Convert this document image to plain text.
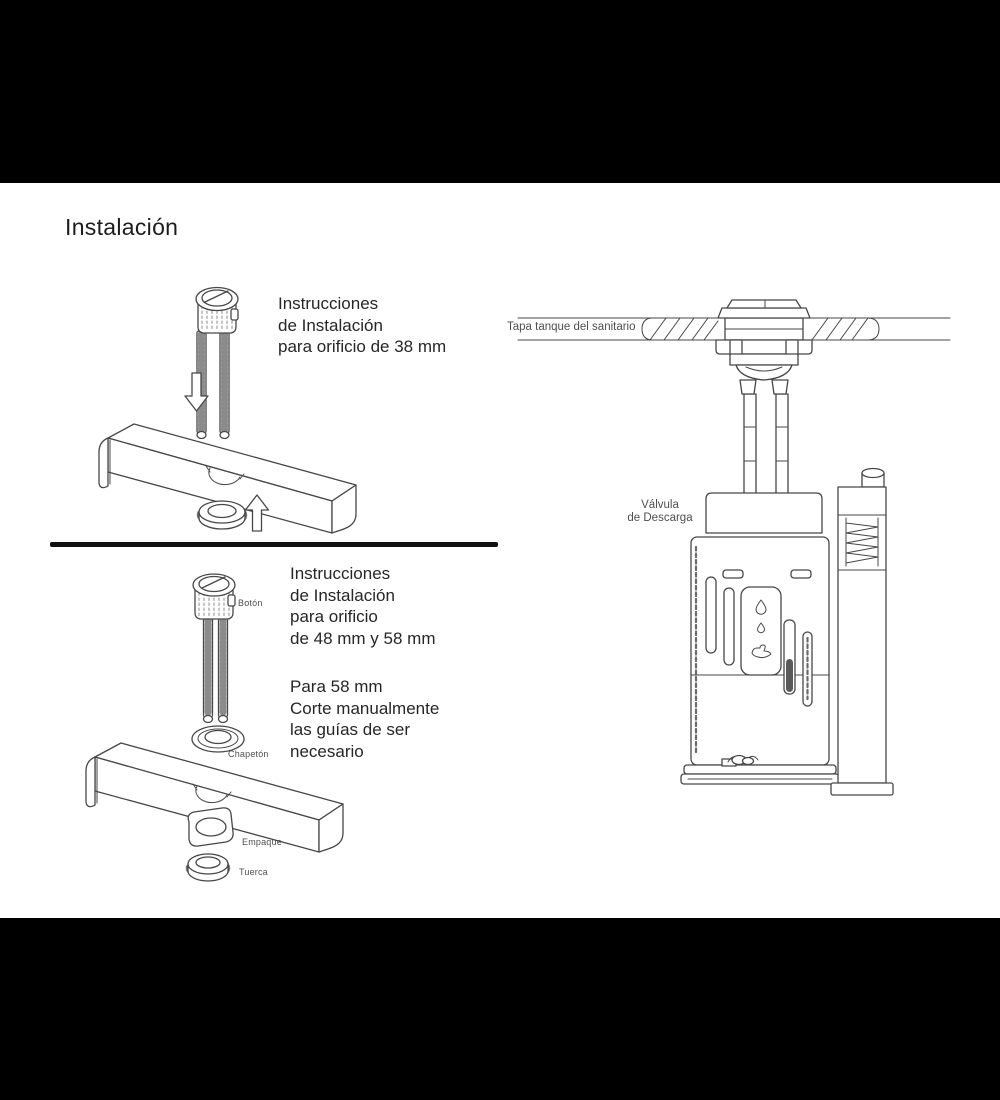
Instalación
Instrucciones
de Instalación
para orificio de 38 mm
Instrucciones
de Instalación
para orificio
de 48 mm y 58 mm
Para 58 mm
Corte manualmente
las guías de ser
necesario
Botón
Chapetón
Empaque
Tuerca
Tapa tanque del sanitario
Válvula
de Descarga
